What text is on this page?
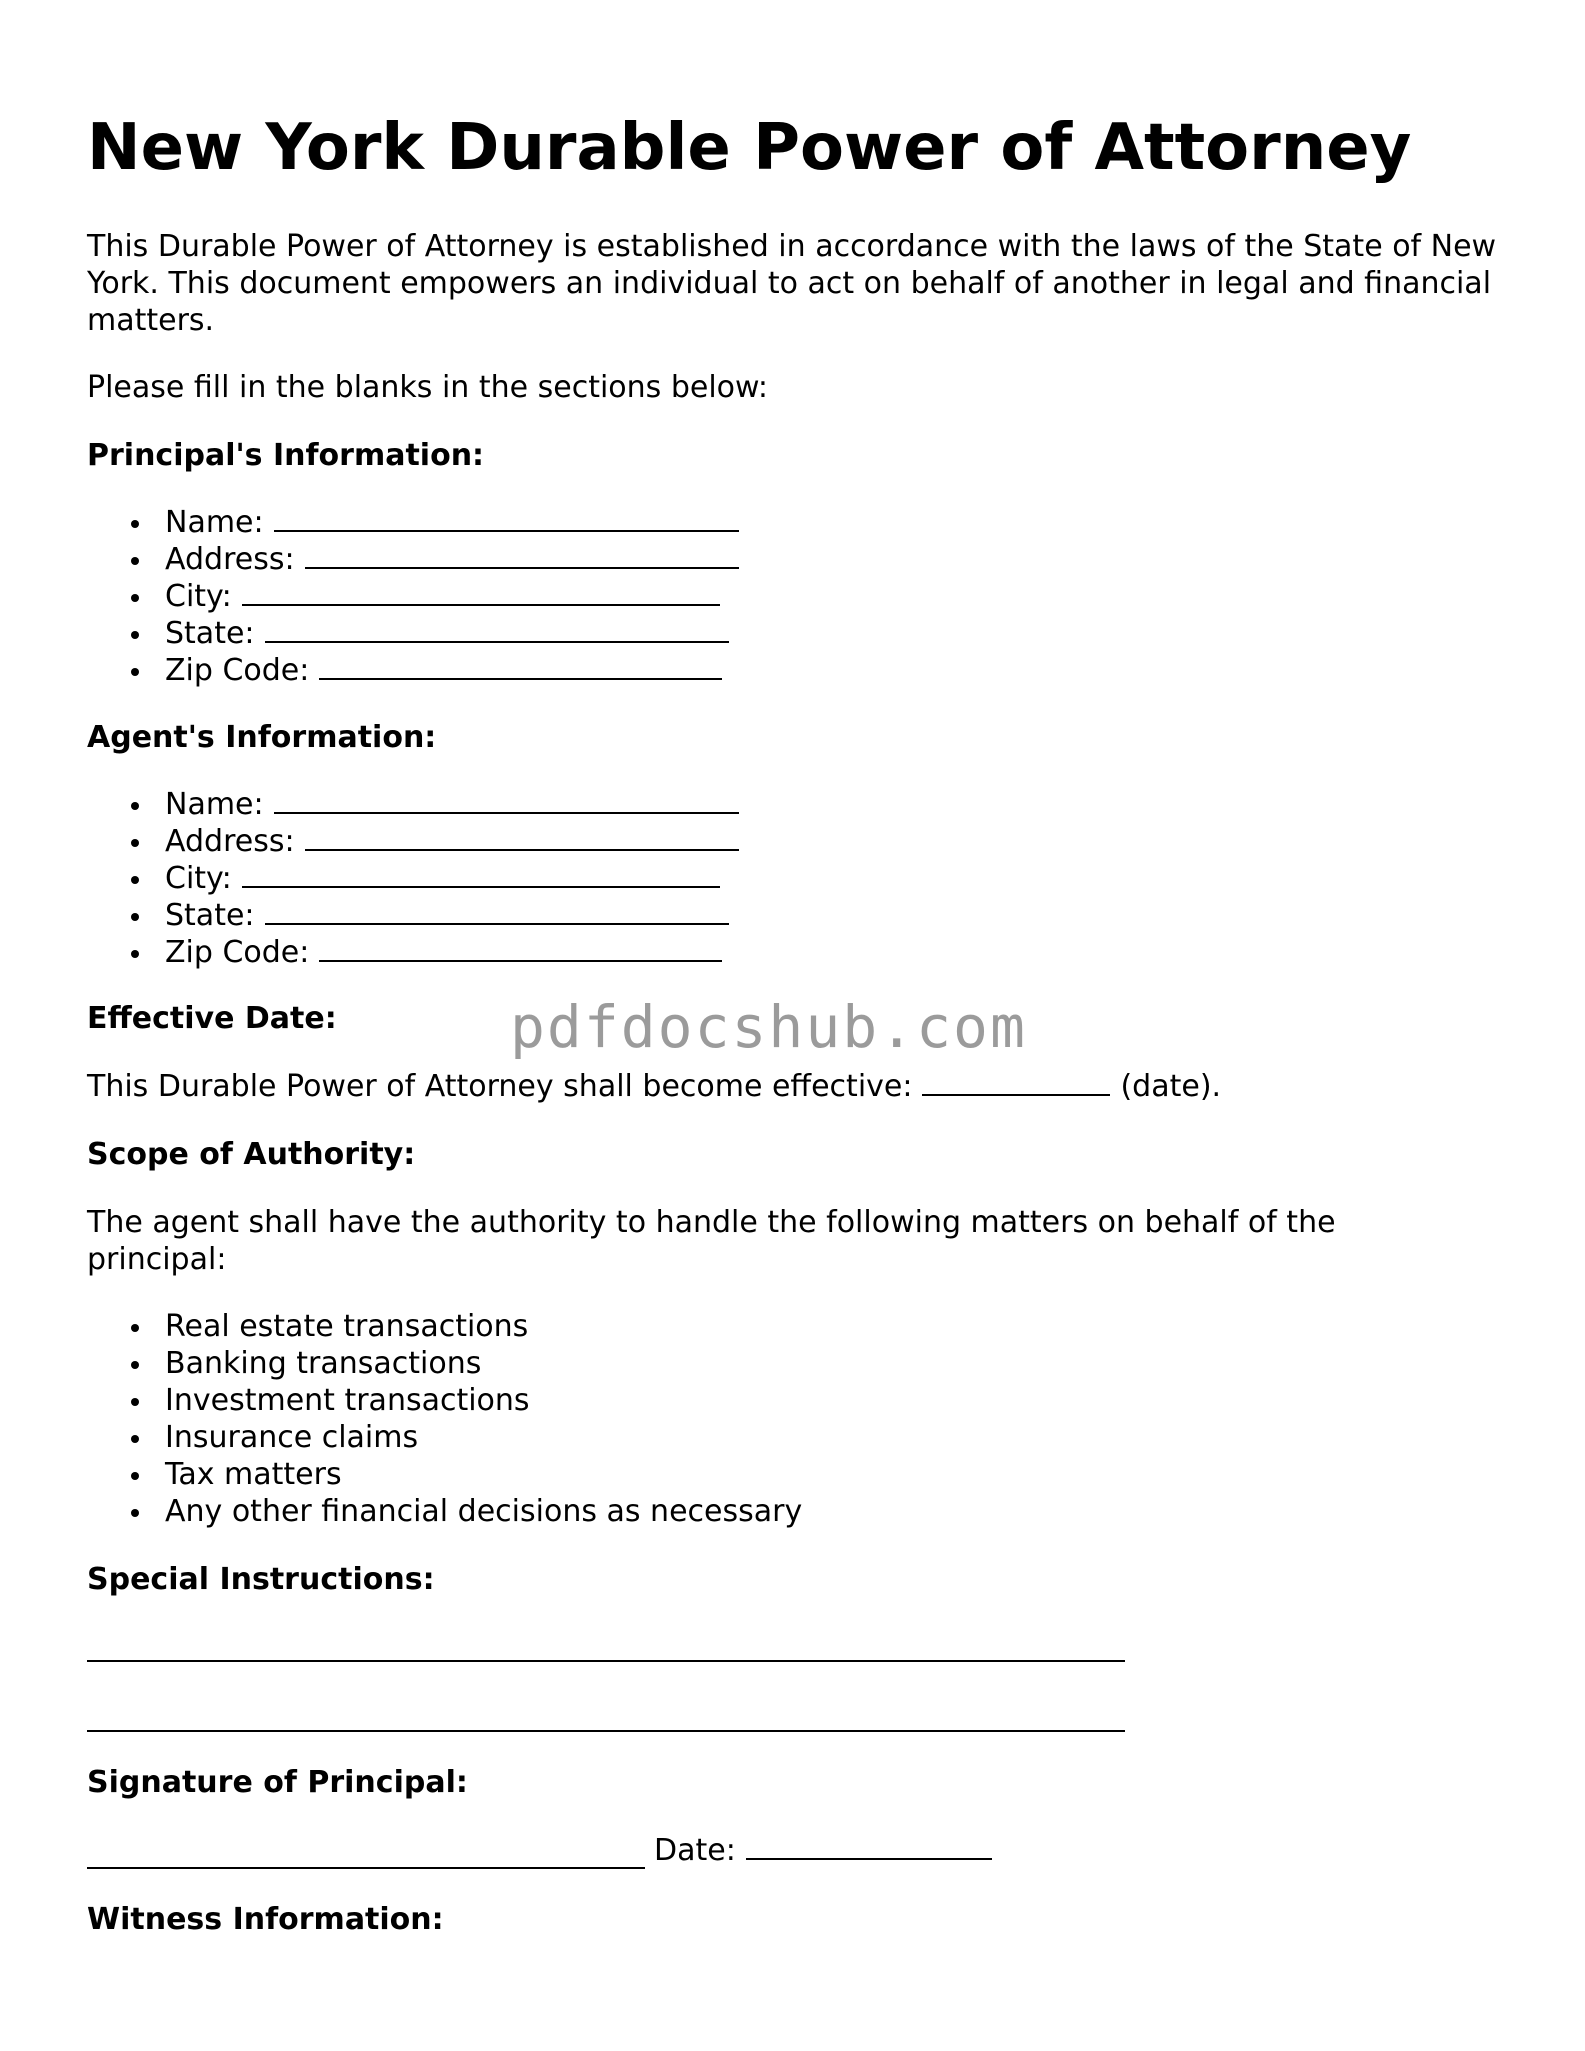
New York Durable Power of Attorney

This Durable Power of Attorney is established in accordance with the laws of the State of New York. This document empowers an individual to act on behalf of another in legal and financial matters.

Please fill in the blanks in the sections below:

Principal's Information:

Name:
Address:
City:
State:
Zip Code:

Agent's Information:

Name:
Address:
City:
State:
Zip Code:

Effective Date:

This Durable Power of Attorney shall become effective:	(date).

Scope of Authority:

The agent shall have the authority to handle the following matters on behalf of the principal:

Real estate transactions
Banking transactions
Investment transactions
Insurance claims
Tax matters
Any other financial decisions as necessary

Special Instructions:

Signature of Principal:

Date:

Witness Information:

pdfdocshub.com
